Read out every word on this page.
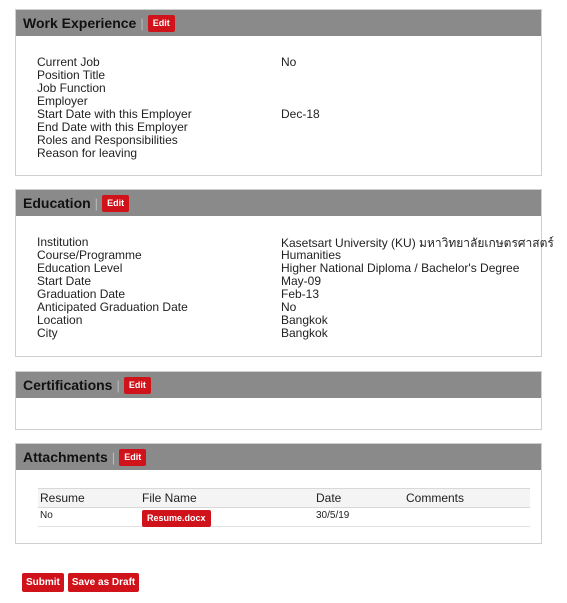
Work Experience |	Edit
Current Job	No
Position Title
Job Function
Employer
Start Date with this Employer	Dec-18
End Date with this Employer
Roles and Responsibilities
Reason for leaving
Education |	Edit
Institution	Kasetsart University (KU) มหาวิทยาลัยเกษตรศาสตร์
Course/Programme	Humanities
Education Level	Higher National Diploma / Bachelor's Degree
Start Date	May-09
Graduation Date	Feb-13
Anticipated Graduation Date	No
Location	Bangkok
City	Bangkok
Certifications |	Edit
Attachments |	Edit
Resume	File Name	Date	Comments
No	Resume.docx	30/5/19
Submit	Save as Draft
